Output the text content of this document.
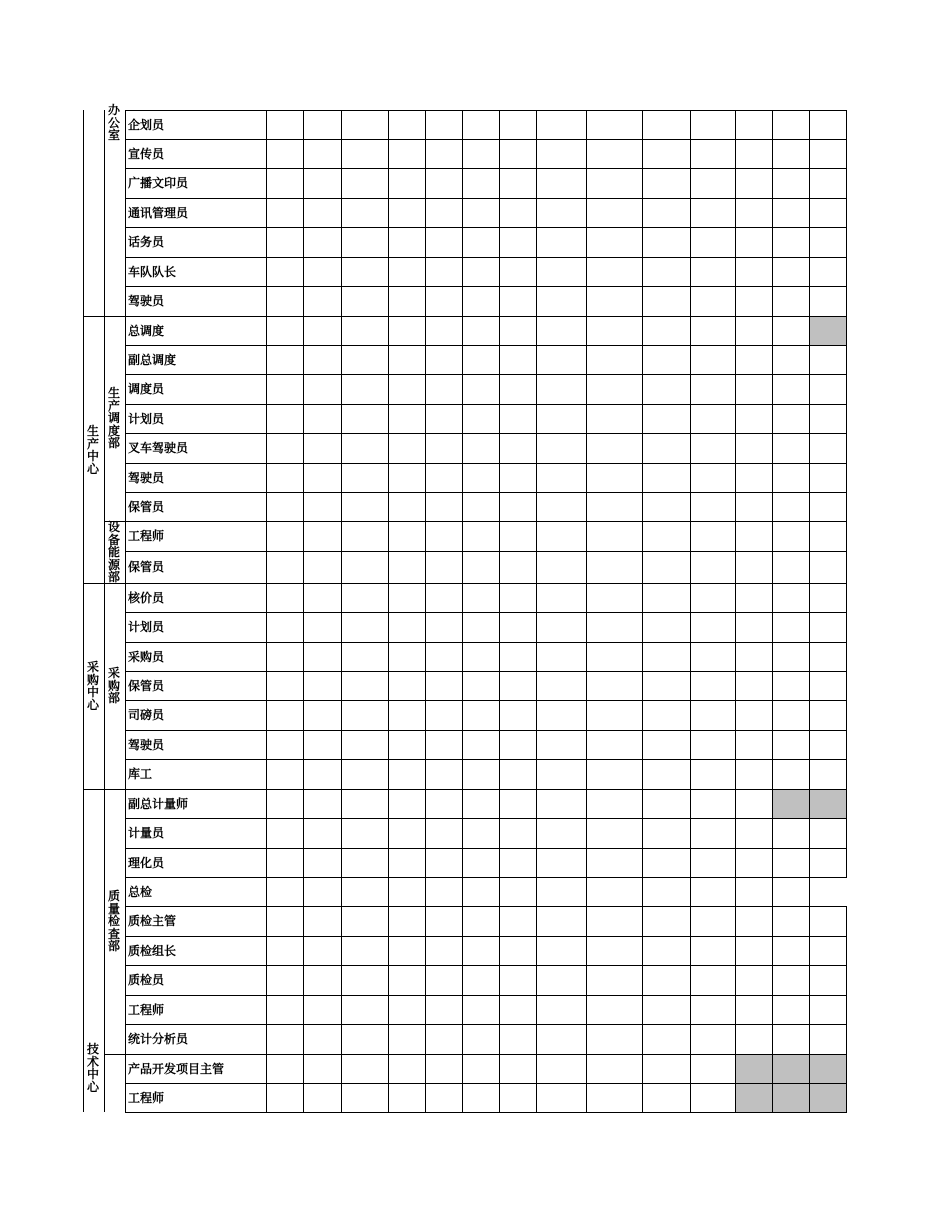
办公室
生产中心
生产调度部
设备能源部
采购中心
采购部
质量检查部
技术中心
企划员
宣传员
广播文印员
通讯管理员
话务员
车队队长
驾驶员
总调度
副总调度
调度员
计划员
叉车驾驶员
驾驶员
保管员
工程师
保管员
核价员
计划员
采购员
保管员
司磅员
驾驶员
库工
副总计量师
计量员
理化员
总检
质检主管
质检组长
质检员
工程师
统计分析员
产品开发项目主管
工程师
